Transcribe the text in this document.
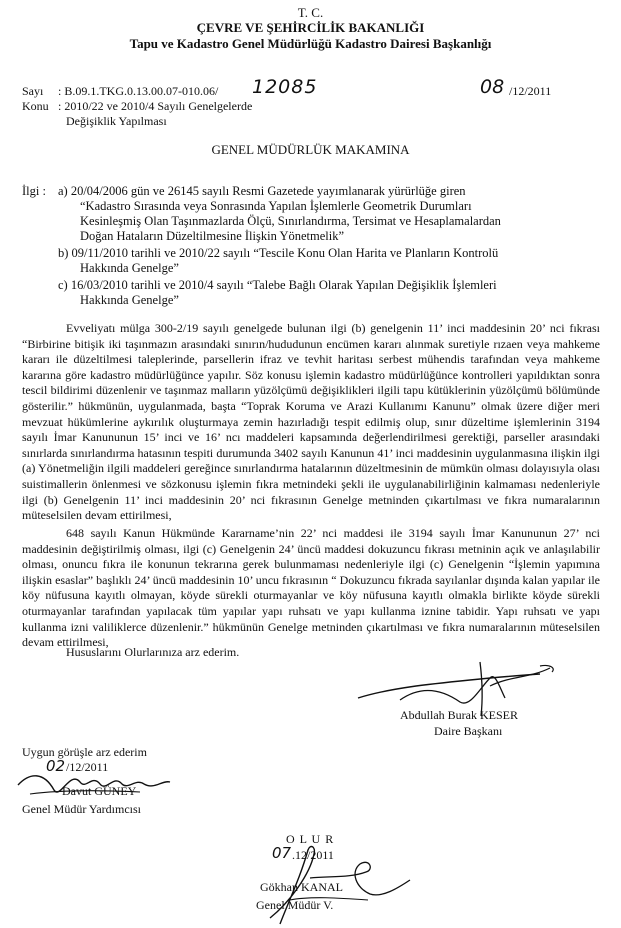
T. C.
ÇEVRE VE ŞEHİRCİLİK BAKANLIĞI
Tapu ve Kadastro Genel Müdürlüğü Kadastro Dairesi Başkanlığı
Sayı : B.09.1.TKG.0.13.00.07-010.06/ 12085	08 /12/2011
Konu : 2010/22 ve 2010/4 Sayılı Genelgelerde
Değişiklik Yapılması
GENEL MÜDÜRLÜK MAKAMINA
İlgi : a) 20/04/2006 gün ve 26145 sayılı Resmi Gazetede yayımlanarak yürürlüğe giren
“Kadastro Sırasında veya Sonrasında Yapılan İşlemlerle Geometrik Durumları
Kesinleşmiş Olan Taşınmazlarda Ölçü, Sınırlandırma, Tersimat ve Hesaplamalardan
Doğan Hataların Düzeltilmesine İlişkin Yönetmelik”
b) 09/11/2010 tarihli ve 2010/22 sayılı “Tescile Konu Olan Harita ve Planların Kontrolü
Hakkında Genelge”
c) 16/03/2010 tarihli ve 2010/4 sayılı “Talebe Bağlı Olarak Yapılan Değişiklik İşlemleri
Hakkında Genelge”

Evveliyatı mülga 300-2/19 sayılı genelgede bulunan ilgi (b) genelgenin 11’ inci maddesinin 20’ nci fıkrası “Birbirine bitişik iki taşınmazın arasındaki sınırın/hududunun encümen kararı alınmak suretiyle rızaen veya mahkeme kararı ile düzeltilmesi taleplerinde, parsellerin ifraz ve tevhit haritası serbest mühendis tarafından veya mahkeme kararına göre kadastro müdürlüğünce yapılır. Söz konusu işlemin kadastro müdürlüğünce kontrolleri yapıldıktan sonra tescil bildirimi düzenlenir ve taşınmaz malların yüzölçümü değişiklikleri ilgili tapu kütüklerinin yüzölçümü bölümünde gösterilir.” hükmünün, uygulanmada, başta “Toprak Koruma ve Arazi Kullanımı Kanunu” olmak üzere diğer meri mevzuat hükümlerine aykırılık oluşturmaya zemin hazırladığı tespit edilmiş olup, sınır düzeltime işlemlerinin 3194 sayılı İmar Kanununun 15’ inci ve 16’ ncı maddeleri kapsamında değerlendirilmesi gerektiği, parseller arasındaki sınırlarda sınırlandırma hatasının tespiti durumunda 3402 sayılı Kanunun 41’ inci maddesinin uygulanmasına ilişkin ilgi (a) Yönetmeliğin ilgili maddeleri gereğince sınırlandırma hatalarının düzeltmesinin de mümkün olması dolayısıyla olası suistimallerin önlenmesi ve sözkonusu işlemin fıkra metnindeki şekli ile uygulanabilirliğinin kalmaması nedenleriyle ilgi (b) Genelgenin 11’ inci maddesinin 20’ nci fıkrasının Genelge metninden çıkartılması ve fıkra numaralarının müteselsilen devam ettirilmesi,

648 sayılı Kanun Hükmünde Kararname’nin 22’ nci maddesi ile 3194 sayılı İmar Kanununun 27’ nci maddesinin değiştirilmiş olması, ilgi (c) Genelgenin 24’ üncü maddesi dokuzuncu fıkrası metninin açık ve anlaşılabilir olması, onuncu fıkra ile konunun tekrarına gerek bulunmaması nedenleriyle ilgi (c) Genelgenin “İşlemin yapımına ilişkin esaslar” başlıklı 24’ üncü maddesinin 10’ uncu fıkrasının “ Dokuzuncu fıkrada sayılanlar dışında kalan yapılar ile köy nüfusuna kayıtlı olmayan, köyde sürekli oturmayanlar ve köy nüfusuna kayıtlı olmakla birlikte köyde sürekli oturmayanlar tarafından yapılacak tüm yapılar yapı ruhsatı ve yapı kullanma iznine tabidir. Yapı ruhsatı ve yapı kullanma izni valiliklerce düzenlenir.” hükmünün Genelge metninden çıkartılması ve fıkra numaralarının müteselsilen devam ettirilmesi,

Hususlarını Olurlarınıza arz ederim.
Abdullah Burak KESER
Daire Başkanı
Uygun görüşle arz ederim
02 /12/2011
Davut GÜNEY
Genel Müdür Yardımcısı
O L U R
07 .12/2011
Gökhan KANAL
Genel Müdür V.
